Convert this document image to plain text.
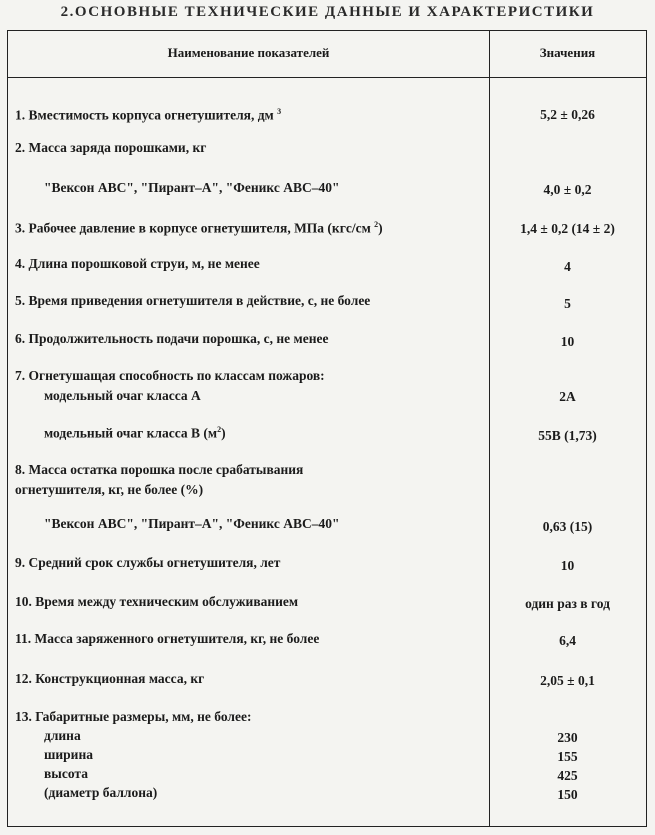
2.ОСНОВНЫЕ ТЕХНИЧЕСКИЕ ДАННЫЕ И ХАРАКТЕРИСТИКИ
Наименование показателей	Значения
1. Вместимость корпуса огнетушителя, дм $^3$	5,2 ± 0,26
2. Масса заряда порошками, кг
"Вексон АВС", "Пирант–А", "Феникс АВС–40"	4,0 ± 0,2
3. Рабочее давление в корпусе огнетушителя, МПа (кгс/см $^2$)	1,4 ± 0,2 (14 ± 2)
4. Длина порошковой струи, м, не менее	4
5. Время приведения огнетушителя в действие, с, не более	5
6. Продолжительность подачи порошка, с, не менее	10
7. Огнетушащая способность по классам пожаров:
модельный очаг класса А	2А
модельный очаг класса В $(м^2)$	55В (1,73)
8. Масса остатка порошка после срабатывания
огнетушителя, кг, не более (%)
"Вексон АВС", "Пирант–А", "Феникс АВС–40"	0,63 (15)
9. Средний срок службы огнетушителя, лет	10
10. Время между техническим обслуживанием	один раз в год
11. Масса заряженного огнетушителя, кг, не более	6,4
12. Конструкционная масса, кг	2,05 ± 0,1
13. Габаритные размеры, мм, не более:
длина	230
ширина	155
высота	425
(диаметр баллона)	150
